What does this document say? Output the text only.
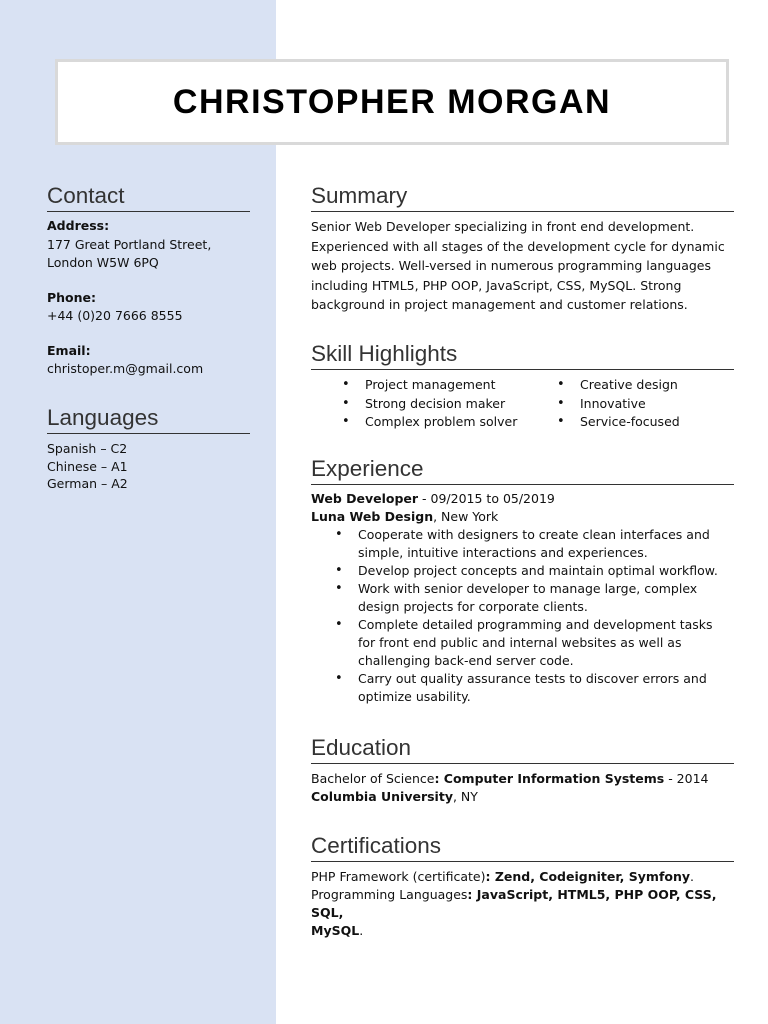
CHRISTOPHER MORGAN
Contact
Address:
177 Great Portland Street,
London W5W 6PQ
Phone:
+44 (0)20 7666 8555
Email:
christoper.m@gmail.com
Languages
Spanish – C2
Chinese – A1
German – A2
Summary
Senior Web Developer specializing in front end development.
Experienced with all stages of the development cycle for dynamic
web projects. Well-versed in numerous programming languages
including HTML5, PHP OOP, JavaScript, CSS, MySQL. Strong
background in project management and customer relations.
Skill Highlights
• Project management
• Strong decision maker
• Complex problem solver
• Creative design
• Innovative
• Service-focused
Experience
Web Developer - 09/2015 to 05/2019
Luna Web Design, New York
• Cooperate with designers to create clean interfaces and
simple, intuitive interactions and experiences.
• Develop project concepts and maintain optimal workflow.
• Work with senior developer to manage large, complex
design projects for corporate clients.
• Complete detailed programming and development tasks
for front end public and internal websites as well as
challenging back-end server code.
• Carry out quality assurance tests to discover errors and
optimize usability.
Education
Bachelor of Science: Computer Information Systems - 2014
Columbia University, NY
Certifications
PHP Framework (certificate): Zend, Codeigniter, Symfony.
Programming Languages: JavaScript, HTML5, PHP OOP, CSS, SQL,
MySQL.
